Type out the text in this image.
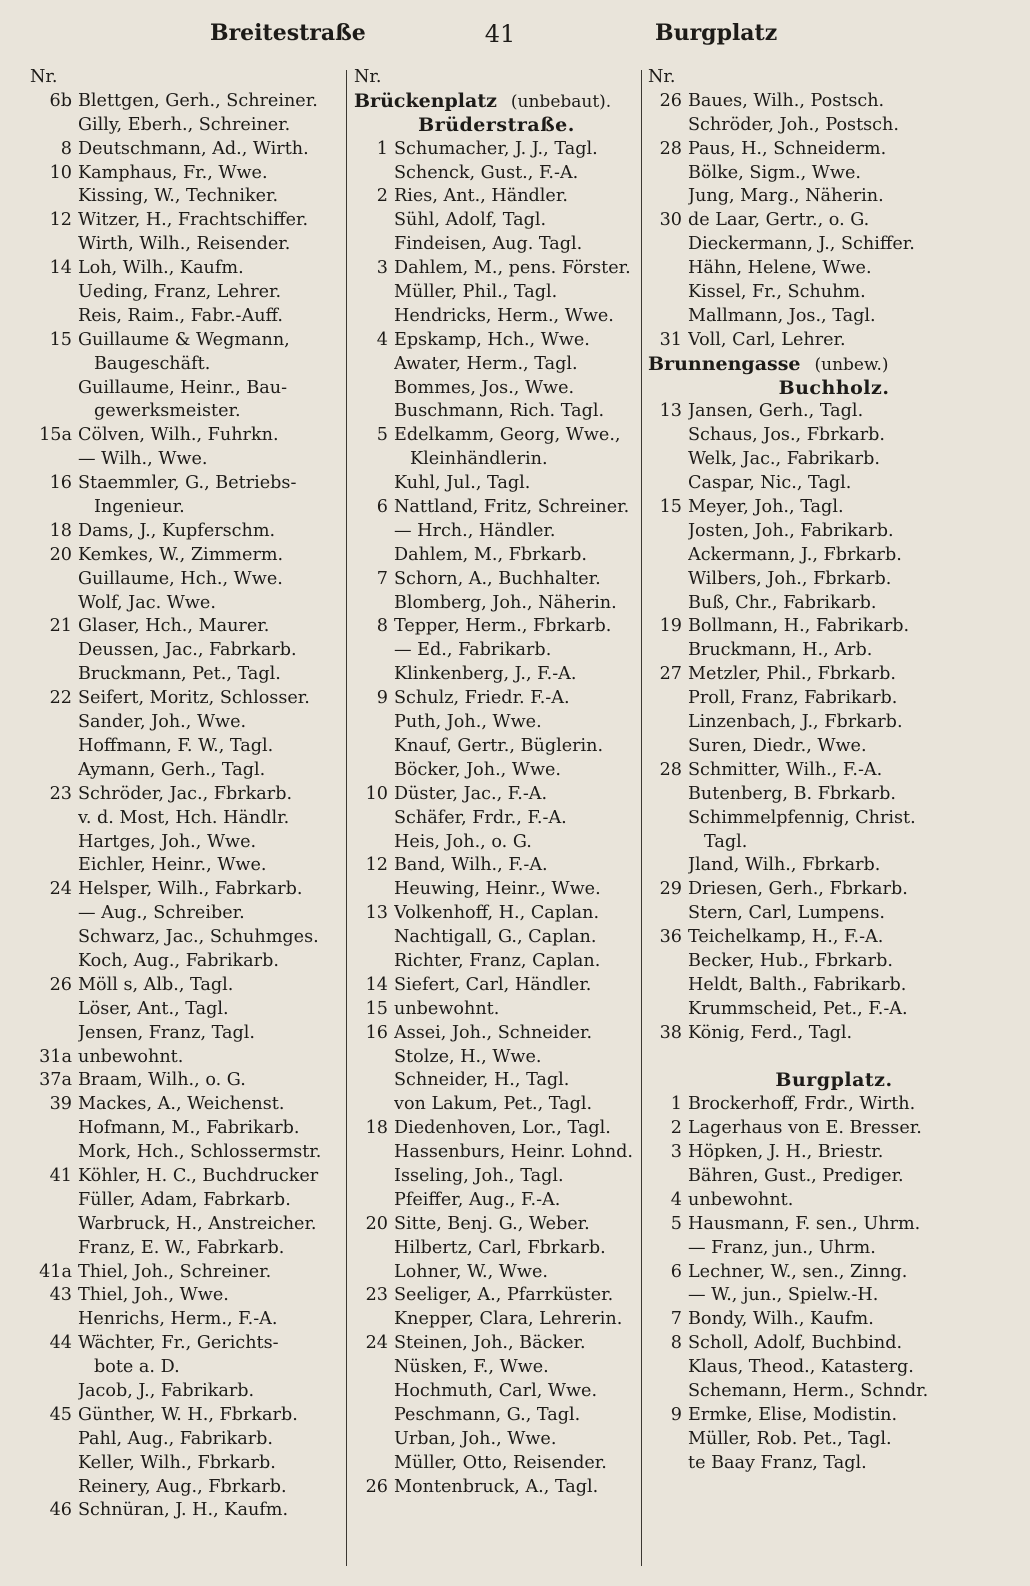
Breitestraße	41	Burgplatz
Nr.
6b Blettgen, Gerh., Schreiner.
Gilly, Eberh., Schreiner.
8 Deutschmann, Ad., Wirth.
10 Kamphaus, Fr., Wwe.
Kissing, W., Techniker.
12 Witzer, H., Frachtschiffer.
Wirth, Wilh., Reisender.
14 Loh, Wilh., Kaufm.
Ueding, Franz, Lehrer.
Reis, Raim., Fabr.-Auff.
15 Guillaume & Wegmann,
Baugeschäft.
Guillaume, Heinr., Bau-
gewerksmeister.
15a Cölven, Wilh., Fuhrkn.
— Wilh., Wwe.
16 Staemmler, G., Betriebs-
Ingenieur.
18 Dams, J., Kupferschm.
20 Kemkes, W., Zimmerm.
Guillaume, Hch., Wwe.
Wolf, Jac. Wwe.
21 Glaser, Hch., Maurer.
Deussen, Jac., Fabrkarb.
Bruckmann, Pet., Tagl.
22 Seifert, Moritz, Schlosser.
Sander, Joh., Wwe.
Hoffmann, F. W., Tagl.
Aymann, Gerh., Tagl.
23 Schröder, Jac., Fbrkarb.
v. d. Most, Hch. Händlr.
Hartges, Joh., Wwe.
Eichler, Heinr., Wwe.
24 Helsper, Wilh., Fabrkarb.
— Aug., Schreiber.
Schwarz, Jac., Schuhmges.
Koch, Aug., Fabrikarb.
26 Möll s, Alb., Tagl.
Löser, Ant., Tagl.
Jensen, Franz, Tagl.
31a unbewohnt.
37a Braam, Wilh., o. G.
39 Mackes, A., Weichenst.
Hofmann, M., Fabrikarb.
Mork, Hch., Schlossermstr.
41 Köhler, H. C., Buchdrucker
Füller, Adam, Fabrkarb.
Warbruck, H., Anstreicher.
Franz, E. W., Fabrkarb.
41a Thiel, Joh., Schreiner.
43 Thiel, Joh., Wwe.
Henrichs, Herm., F.-A.
44 Wächter, Fr., Gerichts-
bote a. D.
Jacob, J., Fabrikarb.
45 Günther, W. H., Fbrkarb.
Pahl, Aug., Fabrikarb.
Keller, Wilh., Fbrkarb.
Reinery, Aug., Fbrkarb.
46 Schnüran, J. H., Kaufm.
Nr.
Brückenplatz (unbebaut).
Brüderstraße.
1 Schumacher, J. J., Tagl.
Schenck, Gust., F.-A.
2 Ries, Ant., Händler.
Sühl, Adolf, Tagl.
Findeisen, Aug. Tagl.
3 Dahlem, M., pens. Förster.
Müller, Phil., Tagl.
Hendricks, Herm., Wwe.
4 Epskamp, Hch., Wwe.
Awater, Herm., Tagl.
Bommes, Jos., Wwe.
Buschmann, Rich. Tagl.
5 Edelkamm, Georg, Wwe.,
Kleinhändlerin.
Kuhl, Jul., Tagl.
6 Nattland, Fritz, Schreiner.
— Hrch., Händler.
Dahlem, M., Fbrkarb.
7 Schorn, A., Buchhalter.
Blomberg, Joh., Näherin.
8 Tepper, Herm., Fbrkarb.
— Ed., Fabrikarb.
Klinkenberg, J., F.-A.
9 Schulz, Friedr. F.-A.
Puth, Joh., Wwe.
Knauf, Gertr., Büglerin.
Böcker, Joh., Wwe.
10 Düster, Jac., F.-A.
Schäfer, Frdr., F.-A.
Heis, Joh., o. G.
12 Band, Wilh., F.-A.
Heuwing, Heinr., Wwe.
13 Volkenhoff, H., Caplan.
Nachtigall, G., Caplan.
Richter, Franz, Caplan.
14 Siefert, Carl, Händler.
15 unbewohnt.
16 Assei, Joh., Schneider.
Stolze, H., Wwe.
Schneider, H., Tagl.
von Lakum, Pet., Tagl.
18 Diedenhoven, Lor., Tagl.
Hassenburs, Heinr. Lohnd.
Isseling, Joh., Tagl.
Pfeiffer, Aug., F.-A.
20 Sitte, Benj. G., Weber.
Hilbertz, Carl, Fbrkarb.
Lohner, W., Wwe.
23 Seeliger, A., Pfarrküster.
Knepper, Clara, Lehrerin.
24 Steinen, Joh., Bäcker.
Nüsken, F., Wwe.
Hochmuth, Carl, Wwe.
Peschmann, G., Tagl.
Urban, Joh., Wwe.
Müller, Otto, Reisender.
26 Montenbruck, A., Tagl.
Nr.
26 Baues, Wilh., Postsch.
Schröder, Joh., Postsch.
28 Paus, H., Schneiderm.
Bölke, Sigm., Wwe.
Jung, Marg., Näherin.
30 de Laar, Gertr., o. G.
Dieckermann, J., Schiffer.
Hähn, Helene, Wwe.
Kissel, Fr., Schuhm.
Mallmann, Jos., Tagl.
31 Voll, Carl, Lehrer.
Brunnengasse (unbew.)
Buchholz.
13 Jansen, Gerh., Tagl.
Schaus, Jos., Fbrkarb.
Welk, Jac., Fabrikarb.
Caspar, Nic., Tagl.
15 Meyer, Joh., Tagl.
Josten, Joh., Fabrikarb.
Ackermann, J., Fbrkarb.
Wilbers, Joh., Fbrkarb.
Buß, Chr., Fabrikarb.
19 Bollmann, H., Fabrikarb.
Bruckmann, H., Arb.
27 Metzler, Phil., Fbrkarb.
Proll, Franz, Fabrikarb.
Linzenbach, J., Fbrkarb.
Suren, Diedr., Wwe.
28 Schmitter, Wilh., F.-A.
Butenberg, B. Fbrkarb.
Schimmelpfennig, Christ.
Tagl.
Jland, Wilh., Fbrkarb.
29 Driesen, Gerh., Fbrkarb.
Stern, Carl, Lumpens.
36 Teichelkamp, H., F.-A.
Becker, Hub., Fbrkarb.
Heldt, Balth., Fabrikarb.
Krummscheid, Pet., F.-A.
38 König, Ferd., Tagl.
Burgplatz.
1 Brockerhoff, Frdr., Wirth.
2 Lagerhaus von E. Bresser.
3 Höpken, J. H., Briestr.
Bähren, Gust., Prediger.
4 unbewohnt.
5 Hausmann, F. sen., Uhrm.
— Franz, jun., Uhrm.
6 Lechner, W., sen., Zinng.
— W., jun., Spielw.-H.
7 Bondy, Wilh., Kaufm.
8 Scholl, Adolf, Buchbind.
Klaus, Theod., Katasterg.
Schemann, Herm., Schndr.
9 Ermke, Elise, Modistin.
Müller, Rob. Pet., Tagl.
te Baay Franz, Tagl.
